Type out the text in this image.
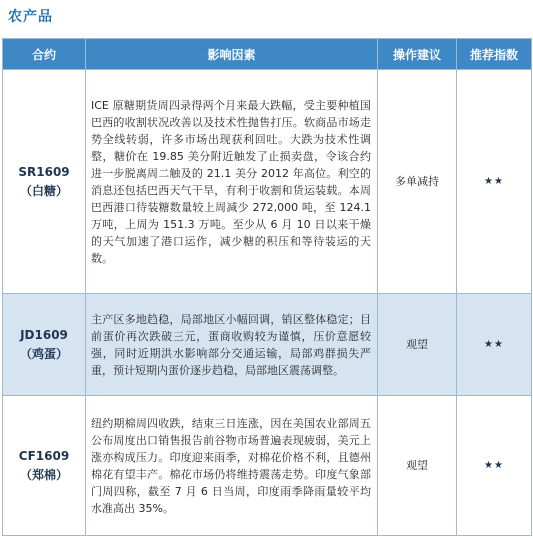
农产品
合约	影响因素	操作建议	推荐指数

SR1609
（白糖）	ICE 原糖期货周四录得两个月来最大跌幅，受主要种植国巴西的收割状况改善以及技术性抛售打压。软商品市场走势全线转弱，许多市场出现获利回吐。大跌为技术性调整，糖价在 19.85 美分附近触发了止损卖盘，令该合约进一步脱离周二触及的 21.1 美分 2012 年高位。利空的消息还包括巴西天气干旱，有利于收割和货运装载。本周巴西港口待装糖数量较上周减少 272,000 吨，至 124.1 万吨，上周为 151.3 万吨。至少从 6 月 10 日以来干燥的天气加速了港口运作，减少糖的积压和等待装运的天数。	多单减持	★★

JD1609
（鸡蛋）	主产区多地趋稳，局部地区小幅回调，销区整体稳定；目前蛋价再次跌破三元，蛋商收购较为谨慎，压价意愿较强，同时近期洪水影响部分交通运输，局部鸡群损失严重，预计短期内蛋价逐步趋稳，局部地区震荡调整。	观望	★★

CF1609
（郑棉）	纽约期棉周四收跌，结束三日连涨，因在美国农业部周五公布周度出口销售报告前谷物市场普遍表现疲弱，美元上涨亦构成压力。印度迎来雨季，对棉花价格不利，且德州棉花有望丰产。棉花市场仍将维持震荡走势。印度气象部门周四称，截至 7 月 6 日当周，印度雨季降雨量较平均水准高出 35%。	观望	★★
